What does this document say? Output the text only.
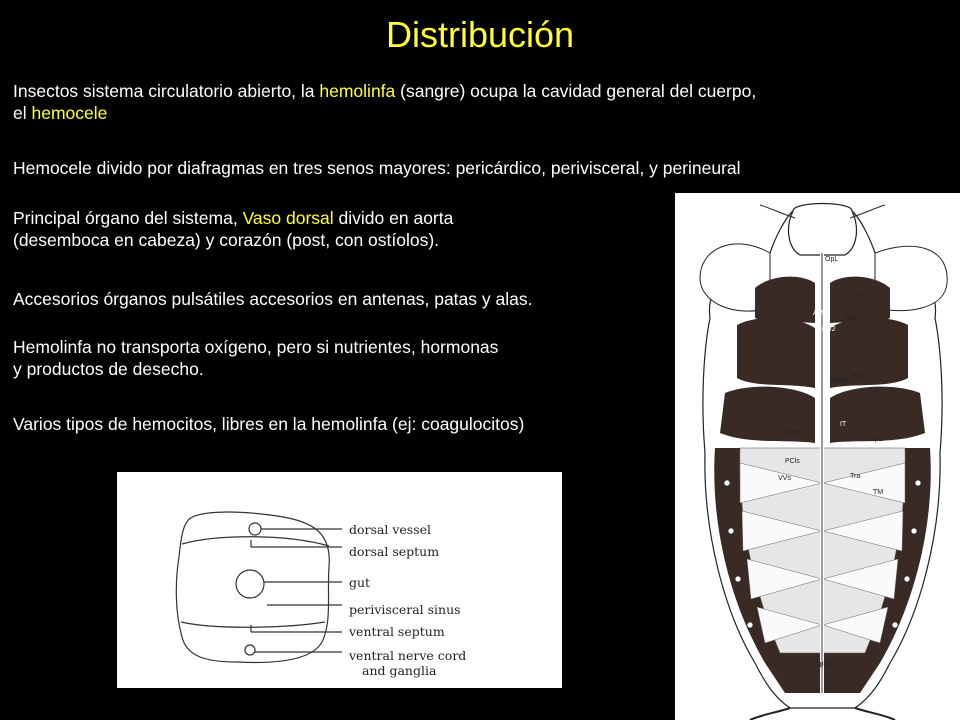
Distribución
Insectos sistema circulatorio abierto, la hemolinfa (sangre) ocupa la cavidad general del cuerpo,
el hemocele
Hemocele divido por diafragmas en tres senos mayores: pericárdico, perivisceral, y perineural
Principal órgano del sistema, Vaso dorsal divido en aorta
(desemboca en cabeza) y corazón (post, con ostíolos).
Accesorios órganos pulsátiles accesorios en antenas, patas y alas.
Hemolinfa no transporta oxígeno, pero si nutrientes, hormonas
y productos de desecho.
Varios tipos de hemocitos, libres en la hemolinfa (ej: coagulocitos)
dorsal vessel
dorsal septum
gut
perivisceral sinus
ventral septum
ventral nerve cord
and ganglia
OpL
Pn
AM2
Sp2
ANR2
ANR3
Sp3
IT
DDph
Sp1
PCls
VVs	Tra
TM
SpVIII
